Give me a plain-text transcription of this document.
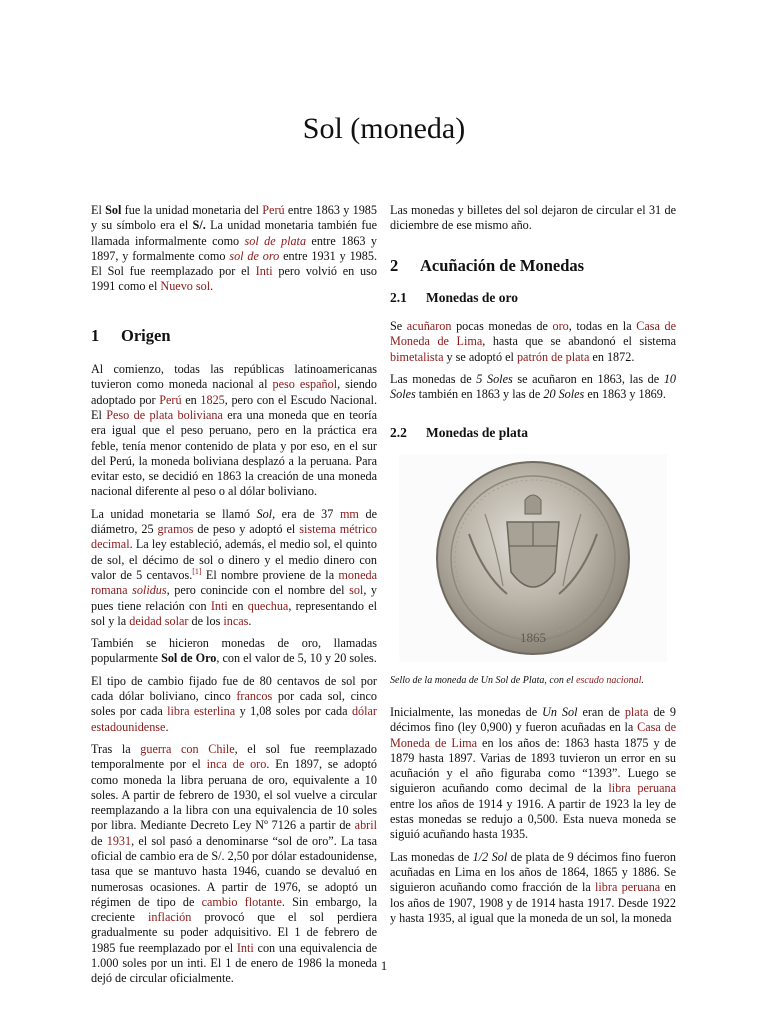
Sol (moneda)

El Sol fue la unidad monetaria del Perú entre 1863 y 1985 y su símbolo era el S/. La unidad monetaria también fue llamada informalmente como sol de plata entre 1863 y 1897, y formalmente como sol de oro entre 1931 y 1985. El Sol fue reemplazado por el Inti pero volvió en uso 1991 como el Nuevo sol.

1 Origen

Al comienzo, todas las repúblicas latinoamericanas tuvieron como moneda nacional al peso español, siendo adoptado por Perú en 1825, pero con el Escudo Nacional. El Peso de plata boliviana era una moneda que en teoría era igual que el peso peruano, pero en la práctica era feble, tenía menor contenido de plata y por eso, en el sur del Perú, la moneda boliviana desplazó a la peruana. Para evitar esto, se decidió en 1863 la creación de una moneda nacional diferente al peso o al dólar boliviano.

La unidad monetaria se llamó Sol, era de 37 mm de diámetro, 25 gramos de peso y adoptó el sistema métrico decimal. La ley estableció, además, el medio sol, el quinto de sol, el décimo de sol o dinero y el medio dinero con valor de 5 centavos.[1] El nombre proviene de la moneda romana solidus, pero conincide con el nombre del sol, y pues tiene relación con Inti en quechua, representando el sol y la deidad solar de los incas.

También se hicieron monedas de oro, llamadas popularmente Sol de Oro, con el valor de 5, 10 y 20 soles.

El tipo de cambio fijado fue de 80 centavos de sol por cada dólar boliviano, cinco francos por cada sol, cinco soles por cada libra esterlina y 1,08 soles por cada dólar estadounidense.

Tras la guerra con Chile, el sol fue reemplazado temporalmente por el inca de oro. En 1897, se adoptó como moneda la libra peruana de oro, equivalente a 10 soles. A partir de febrero de 1930, el sol vuelve a circular reemplazando a la libra con una equivalencia de 10 soles por libra. Mediante Decreto Ley Nº 7126 a partir de abril de 1931, el sol pasó a denominarse “sol de oro”. La tasa oficial de cambio era de S/. 2,50 por dólar estadounidense, tasa que se mantuvo hasta 1946, cuando se devaluó en numerosas ocasiones. A partir de 1976, se adoptó un régimen de tipo de cambio flotante. Sin embargo, la creciente inflación provocó que el sol perdiera gradualmente su poder adquisitivo. El 1 de febrero de 1985 fue reemplazado por el Inti con una equivalencia de 1.000 soles por un inti. El 1 de enero de 1986 la moneda dejó de circular oficialmente.

Las monedas y billetes del sol dejaron de circular el 31 de diciembre de ese mismo año.

2 Acuñación de Monedas
2.1 Monedas de oro

Se acuñaron pocas monedas de oro, todas en la Casa de Moneda de Lima, hasta que se abandonó el sistema bimetalista y se adoptó el patrón de plata en 1872.

Las monedas de 5 Soles se acuñaron en 1863, las de 10 Soles también en 1863 y las de 20 Soles en 1863 y 1869.

2.2 Monedas de plata
1865

Sello de la moneda de Un Sol de Plata, con el escudo nacional.

Inicialmente, las monedas de Un Sol eran de plata de 9 décimos fino (ley 0,900) y fueron acuñadas en la Casa de Moneda de Lima en los años de: 1863 hasta 1875 y de 1879 hasta 1897. Varias de 1893 tuvieron un error en su acuñación y el año figuraba como “1393”. Luego se siguieron acuñando como decimal de la libra peruana entre los años de 1914 y 1916. A partir de 1923 la ley de estas monedas se redujo a 0,500. Esta nueva moneda se siguió acuñando hasta 1935.

Las monedas de 1/2 Sol de plata de 9 décimos fino fueron acuñadas en Lima en los años de 1864, 1865 y 1886. Se siguieron acuñando como fracción de la libra peruana en los años de 1907, 1908 y de 1914 hasta 1917. Desde 1922 y hasta 1935, al igual que la moneda de un sol, la moneda

1
